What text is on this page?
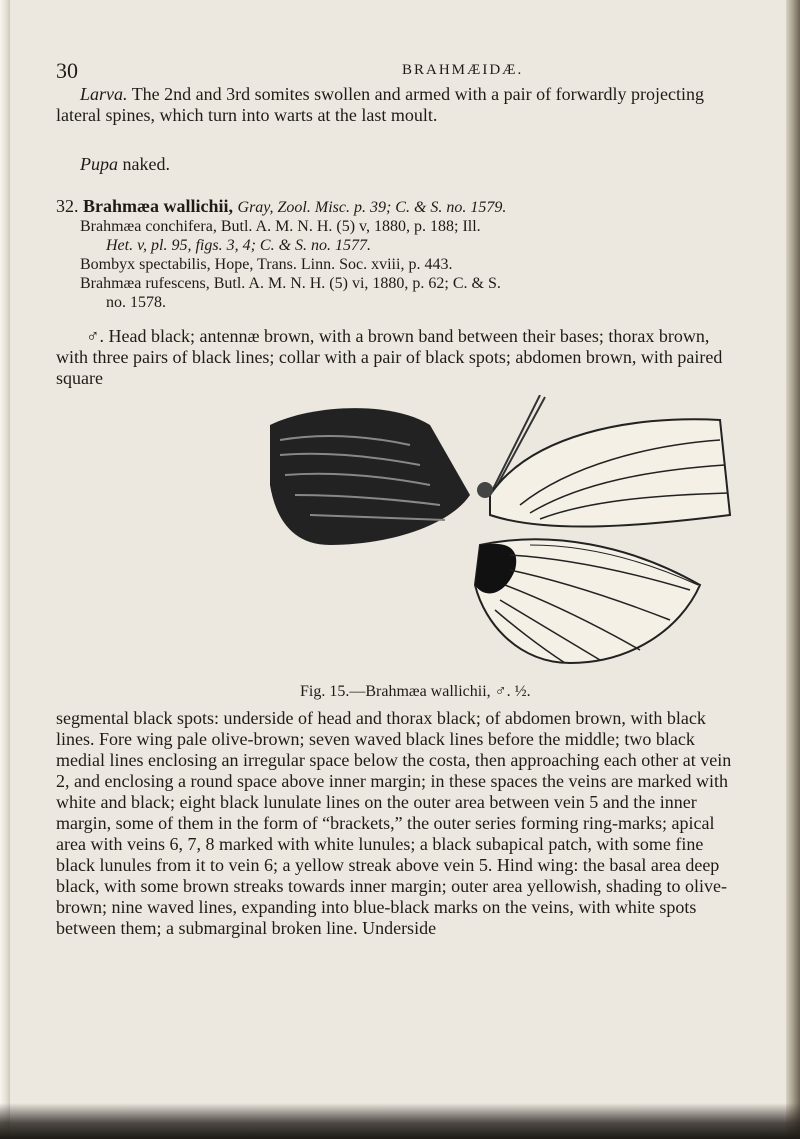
30	BRAHMÆIDÆ.

Larva. The 2nd and 3rd somites swollen and armed with a pair of forwardly projecting lateral spines, which turn into warts at the last moult.

Pupa naked.

32. Brahmæa wallichii, Gray, Zool. Misc. p. 39; C. & S. no. 1579.
Brahmæa conchifera, Butl. A. M. N. H. (5) v, 1880, p. 188; Ill.
Het. v, pl. 95, figs. 3, 4; C. & S. no. 1577.
Bombyx spectabilis, Hope, Trans. Linn. Soc. xviii, p. 443.
Brahmæa rufescens, Butl. A. M. N. H. (5) vi, 1880, p. 62; C. & S.
no. 1578.

♂. Head black; antennæ brown, with a brown band between their bases; thorax brown, with three pairs of black lines; collar with a pair of black spots; abdomen brown, with paired square

Fig. 15.—Brahmæa wallichii, ♂. ½.

segmental black spots: underside of head and thorax black; of abdomen brown, with black lines. Fore wing pale olive-brown; seven waved black lines before the middle; two black medial lines enclosing an irregular space below the costa, then approaching each other at vein 2, and enclosing a round space above inner margin; in these spaces the veins are marked with white and black; eight black lunulate lines on the outer area between vein 5 and the inner margin, some of them in the form of “brackets,” the outer series forming ring-marks; apical area with veins 6, 7, 8 marked with white lunules; a black subapical patch, with some fine black lunules from it to vein 6; a yellow streak above vein 5. Hind wing: the basal area deep black, with some brown streaks towards inner margin; outer area yellowish, shading to olive-brown; nine waved lines, expanding into blue-black marks on the veins, with white spots between them; a submarginal broken line. Underside
